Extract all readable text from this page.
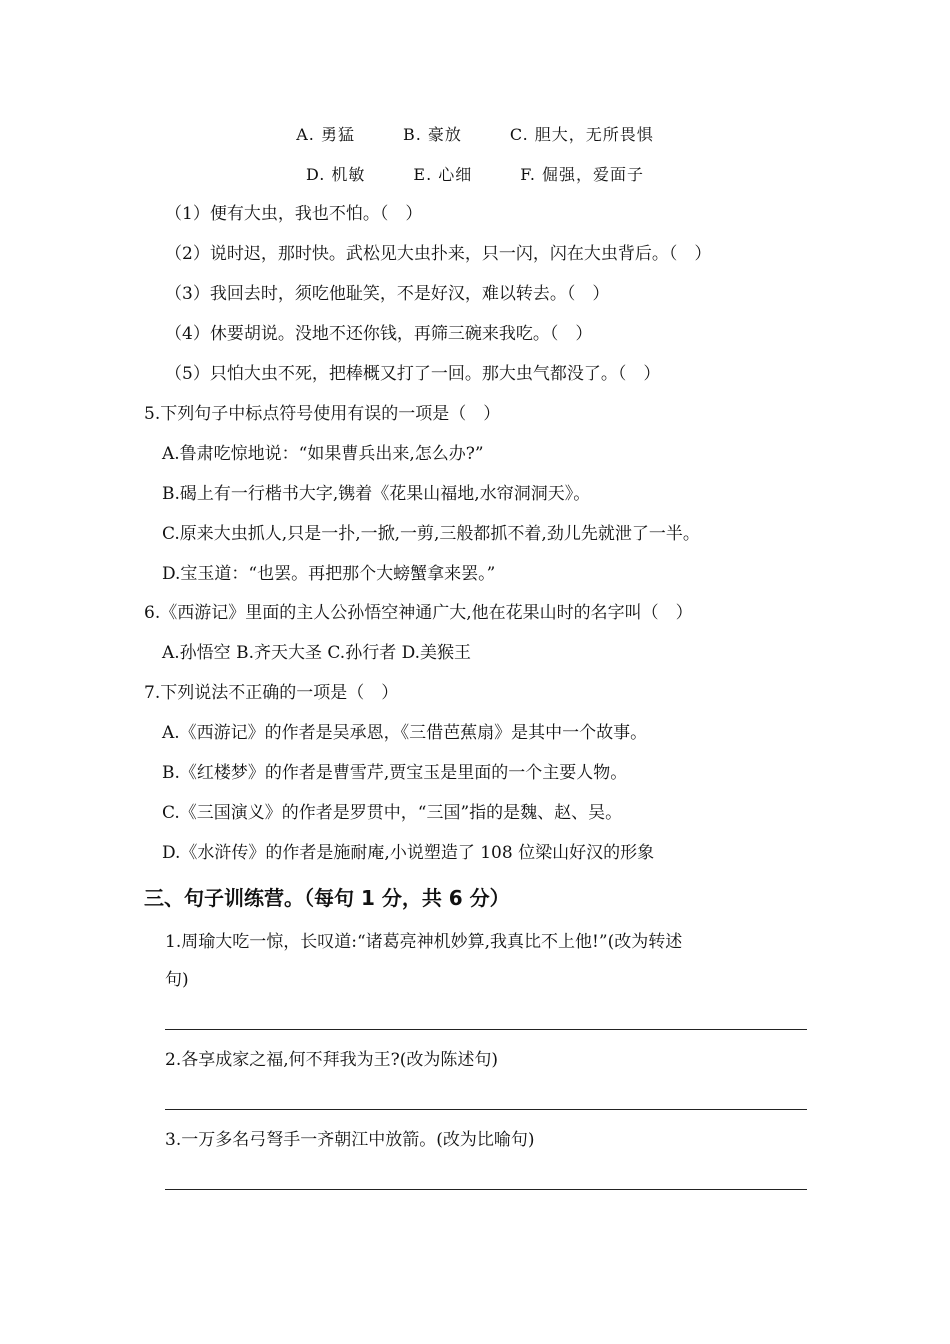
A. 勇猛	B. 豪放	C. 胆大，无所畏惧
D. 机敏	E. 心细	F. 倔强，爱面子
（1）便有大虫，我也不怕。（　）
（2）说时迟，那时快。武松见大虫扑来，只一闪，闪在大虫背后。（　）
（3）我回去时，须吃他耻笑，不是好汉，难以转去。（　）
（4）休要胡说。没地不还你钱，再筛三碗来我吃。（　）
（5）只怕大虫不死，把棒概又打了一回。那大虫气都没了。（　）
5.下列句子中标点符号使用有误的一项是（　）
A.鲁肃吃惊地说：“如果曹兵出来,怎么办?”
B.碣上有一行楷书大字,镌着《花果山福地,水帘洞洞天》。
C.原来大虫抓人,只是一扑,一掀,一剪,三般都抓不着,劲儿先就泄了一半。
D.宝玉道：“也罢。再把那个大螃蟹拿来罢。”
6.《西游记》里面的主人公孙悟空神通广大,他在花果山时的名字叫（　）
A.孙悟空 B.齐天大圣 C.孙行者 D.美猴王
7.下列说法不正确的一项是（　）
A.《西游记》的作者是吴承恩，《三借芭蕉扇》是其中一个故事。
B.《红楼梦》的作者是曹雪芹,贾宝玉是里面的一个主要人物。
C.《三国演义》的作者是罗贯中，“三国”指的是魏、赵、吴。
D.《水浒传》的作者是施耐庵,小说塑造了 108 位梁山好汉的形象
三、句子训练营。（每句 1 分，共 6 分）
1.周瑜大吃一惊，长叹道:“诸葛亮神机妙算,我真比不上他!”(改为转述
句)
2.各享成家之福,何不拜我为王?(改为陈述句)
3.一万多名弓弩手一齐朝江中放箭。(改为比喻句)
